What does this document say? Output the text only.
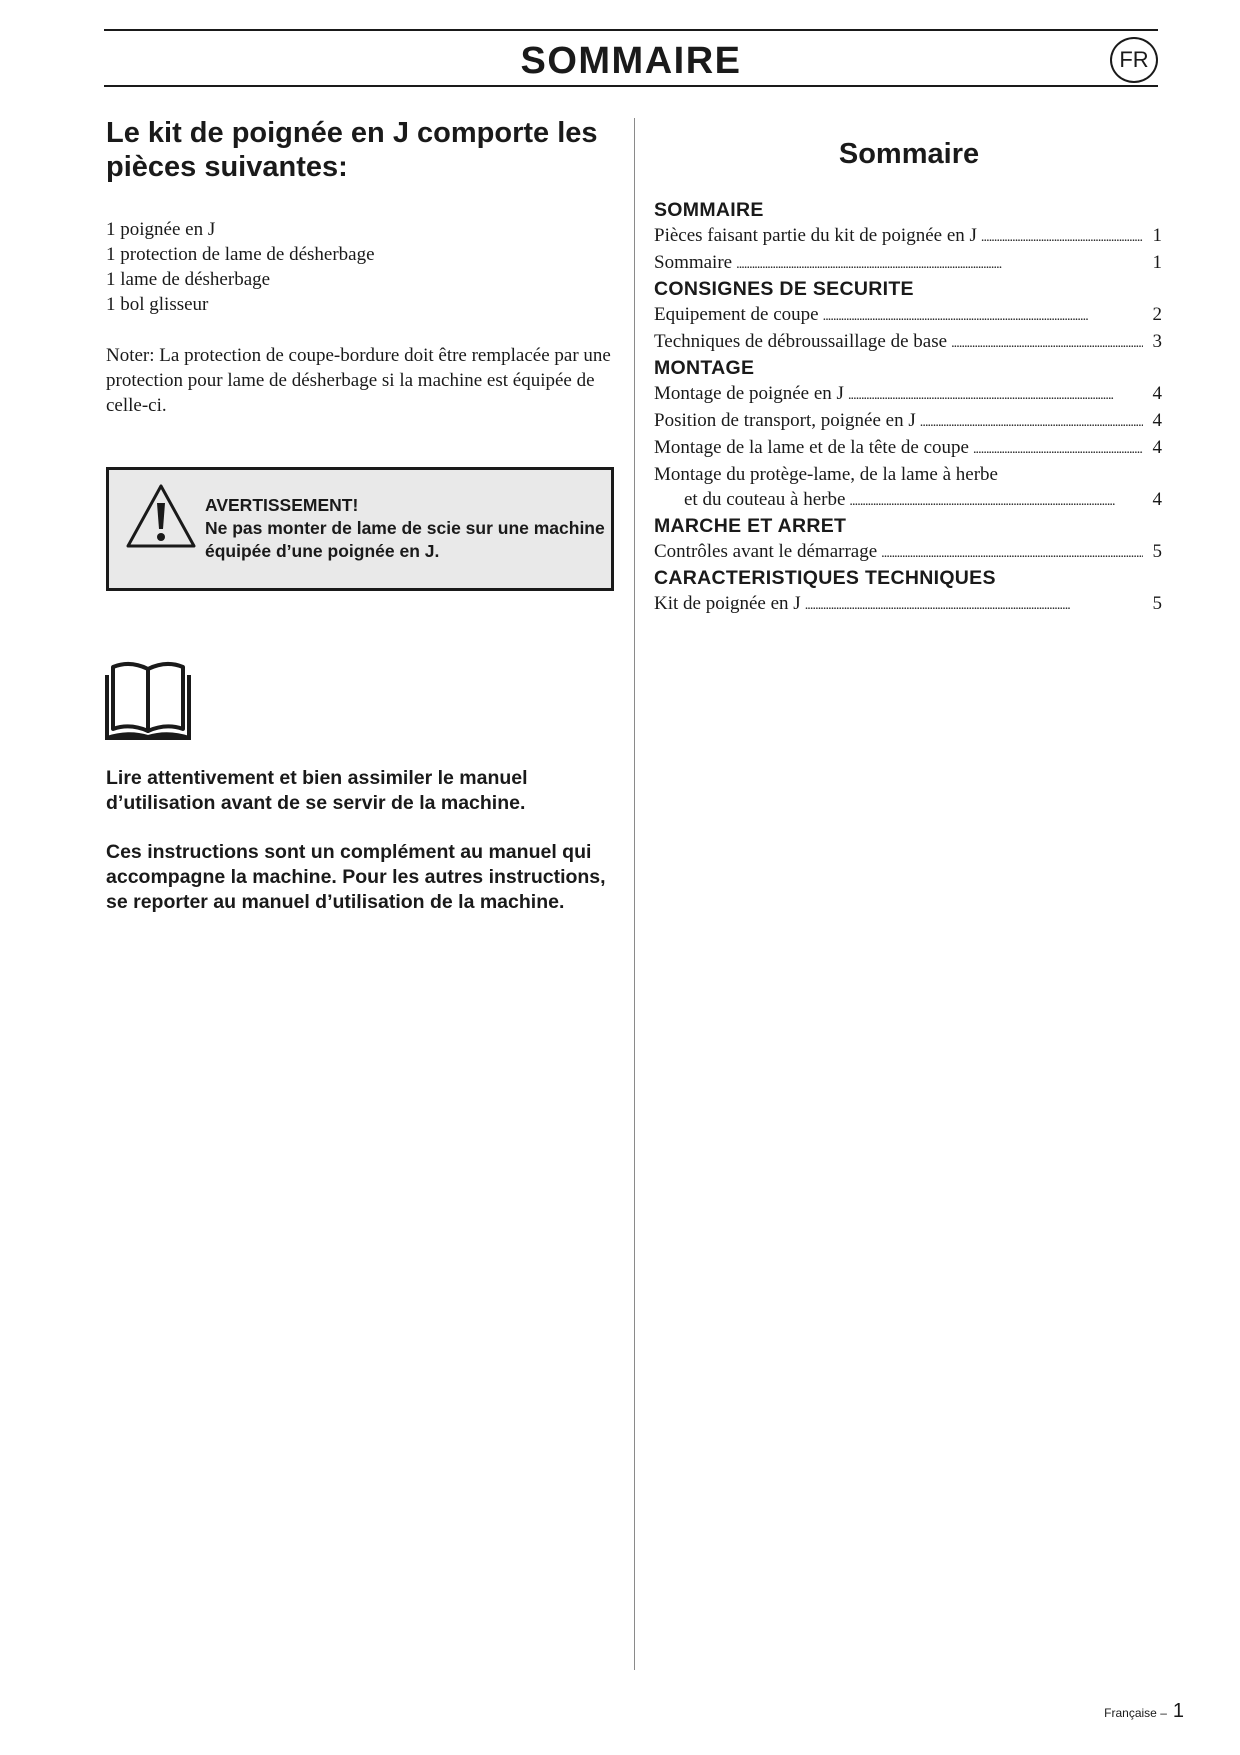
SOMMAIRE	FR
Le kit de poignée en J comporte les pièces suivantes:
1 poignée en J
1 protection de lame de désherbage
1 lame de désherbage
1 bol glisseur

Noter: La protection de coupe-bordure doit être remplacée par une protection pour lame de désherbage si la machine est équipée de celle-ci.

AVERTISSEMENT!
Ne pas monter de lame de scie sur une machine équipée d’une poignée en J.

Lire attentivement et bien assimiler le manuel d’utilisation avant de se servir de la machine.

Ces instructions sont un complément au manuel qui accompagne la machine. Pour les autres instructions, se reporter au manuel d’utilisation de la machine.

Sommaire
SOMMAIRE
Pièces faisant partie du kit de poignée en J . . .	1
Sommaire . . .	1
CONSIGNES DE SECURITE
Equipement de coupe . . .	2
Techniques de débroussaillage de base . . .	3
MONTAGE
Montage de poignée en J . . .	4
Position de transport, poignée en J . . .	4
Montage de la lame et de la tête de coupe . . .	4
Montage du protège-lame, de la lame à herbe
et du couteau à herbe . . .	4
MARCHE ET ARRET
Contrôles avant le démarrage . . .	5
CARACTERISTIQUES TECHNIQUES
Kit de poignée en J . . .	5
Française – 1
